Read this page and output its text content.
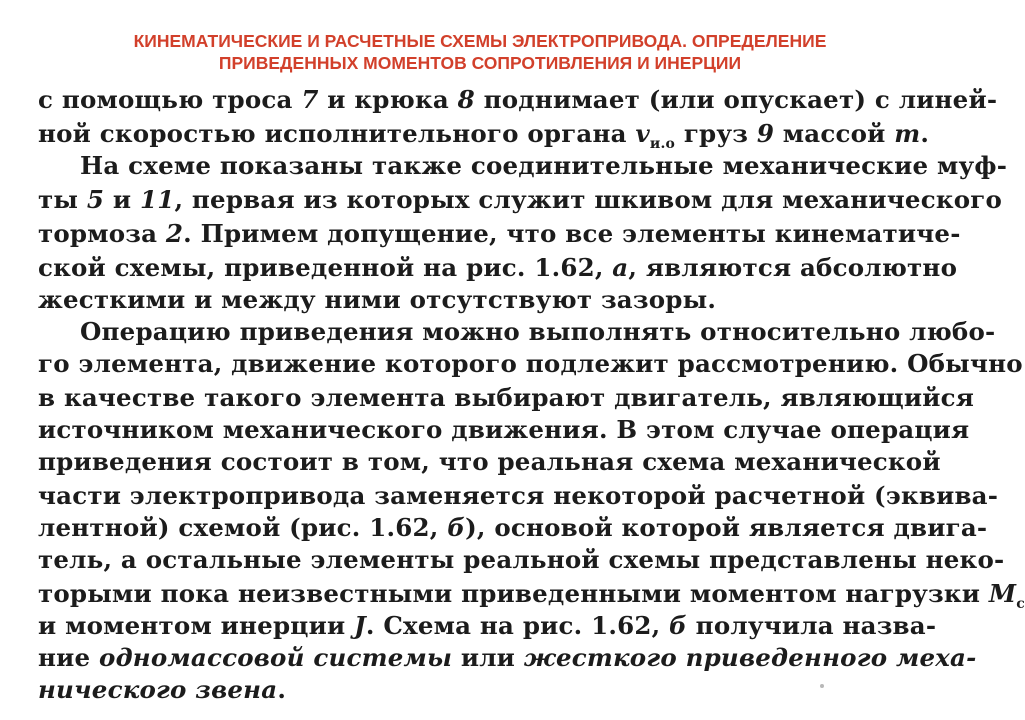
КИНЕМАТИЧЕСКИЕ И РАСЧЕТНЫЕ СХЕМЫ ЭЛЕКТРОПРИВОДА. ОПРЕДЕЛЕНИЕ
ПРИВЕДЕННЫХ МОМЕНТОВ СОПРОТИВЛЕНИЯ И ИНЕРЦИИ
с помощью троса 7 и крюка 8 поднимает (или опускает) с линей-
ной скоростью исполнительного органа $v_{и.о}$ груз 9 массой m.
На схеме показаны также соединительные механические муф-
ты 5 и 11, первая из которых служит шкивом для механического
тормоза 2. Примем допущение, что все элементы кинематиче-
ской схемы, приведенной на рис. 1.62, а, являются абсолютно
жесткими и между ними отсутствуют зазоры.
Операцию приведения можно выполнять относительно любо-
го элемента, движение которого подлежит рассмотрению. Обычно
в качестве такого элемента выбирают двигатель, являющийся
источником механического движения. В этом случае операция
приведения состоит в том, что реальная схема механической
части электропривода заменяется некоторой расчетной (эквива-
лентной) схемой (рис. 1.62, б), основой которой является двига-
тель, а остальные элементы реальной схемы представлены неко-
торыми пока неизвестными приведенными моментом нагрузки $M_с$
и моментом инерции J. Схема на рис. 1.62, б получила назва-
ние одномассовой системы или жесткого приведенного меха-
нического звена.
